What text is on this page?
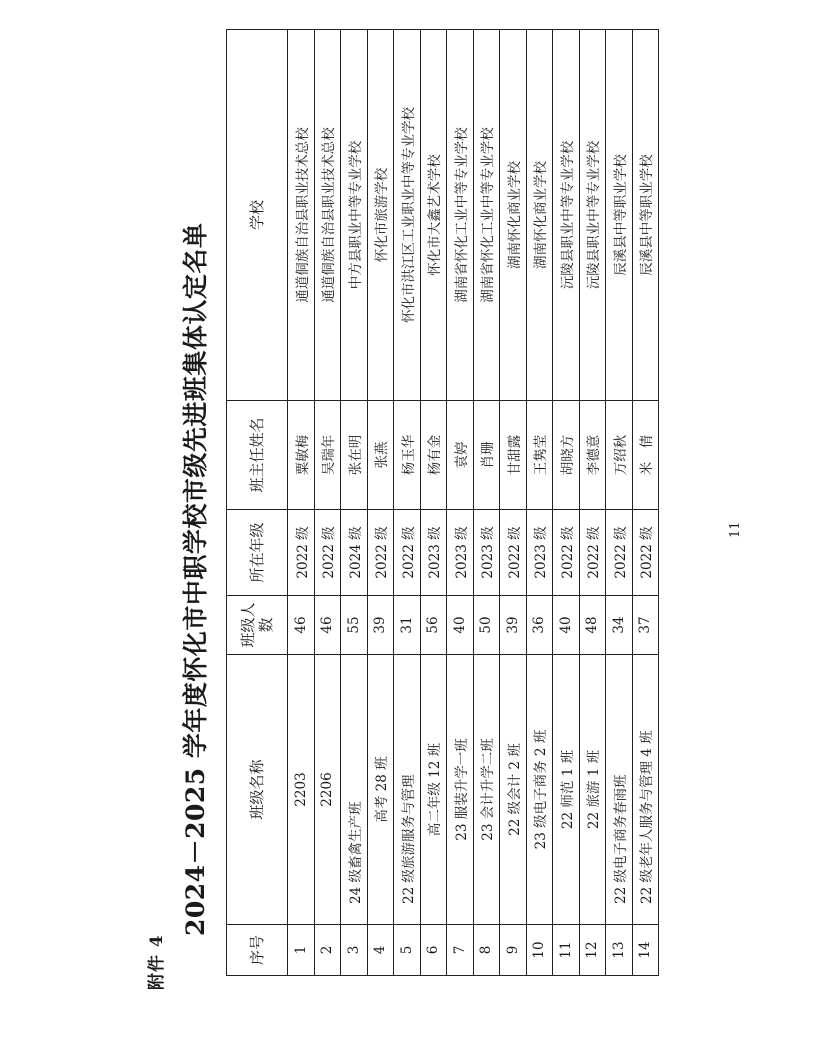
附件 4
2024－2025 学年度怀化市中职学校市级先进班集体认定名单
序号	班级名称	班级人数	所在年级	班主任姓名	学校
1	2203	46	2022 级	粟敏梅	通道侗族自治县职业技术总校
2	2206	46	2022 级	吴瑞年	通道侗族自治县职业技术总校
3	24 级畜禽生产班	55	2024 级	张在明	中方县职业中等专业学校
4	高考 28 班	39	2022 级	张燕	怀化市旅游学校
5	22 级旅游服务与管理	31	2022 级	杨玉华	怀化市洪江区工业职业中等专业学校
6	高二年级 12 班	56	2023 级	杨有金	怀化市大鑫艺术学校
7	23 服装升学一班	40	2023 级	袁婷	湖南省怀化工业中等专业学校
8	23 会计升学二班	50	2023 级	肖珊	湖南省怀化工业中等专业学校
9	22 级会计 2 班	39	2022 级	甘甜露	湖南怀化商业学校
10	23 级电子商务 2 班	36	2023 级	王隽莹	湖南怀化商业学校
11	22 师范 1 班	40	2022 级	胡晓方	沅陵县职业中等专业学校
12	22 旅游 1 班	48	2022 级	李德意	沅陵县职业中等专业学校
13	22 级电子商务春雨班	34	2022 级	万绍秋	辰溪县中等职业学校
14	22 级老年人服务与管理 4 班	37	2022 级	米　倩	辰溪县中等职业学校
11
